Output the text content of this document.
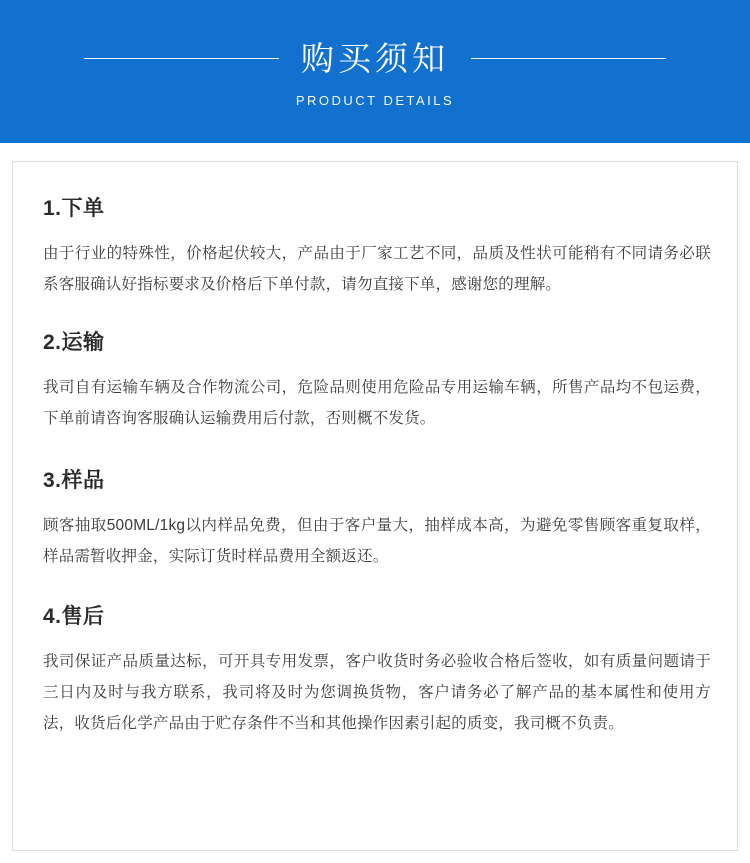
购买须知
PRODUCT DETAILS
1.下单

由于行业的特殊性，价格起伏较大，产品由于厂家工艺不同，品质及性状可能稍有不同请务必联系客服确认好指标要求及价格后下单付款，请勿直接下单，感谢您的理解。

2.运输

我司自有运输车辆及合作物流公司，危险品则使用危险品专用运输车辆，所售产品均不包运费，下单前请咨询客服确认运输费用后付款，否则概不发货。

3.样品

顾客抽取500ML/1kg以内样品免费，但由于客户量大，抽样成本高，为避免零售顾客重复取样，样品需暂收押金，实际订货时样品费用全额返还。

4.售后

我司保证产品质量达标，可开具专用发票，客户收货时务必验收合格后签收，如有质量问题请于三日内及时与我方联系，我司将及时为您调换货物，客户请务必了解产品的基本属性和使用方法，收货后化学产品由于贮存条件不当和其他操作因素引起的质变，我司概不负责。
